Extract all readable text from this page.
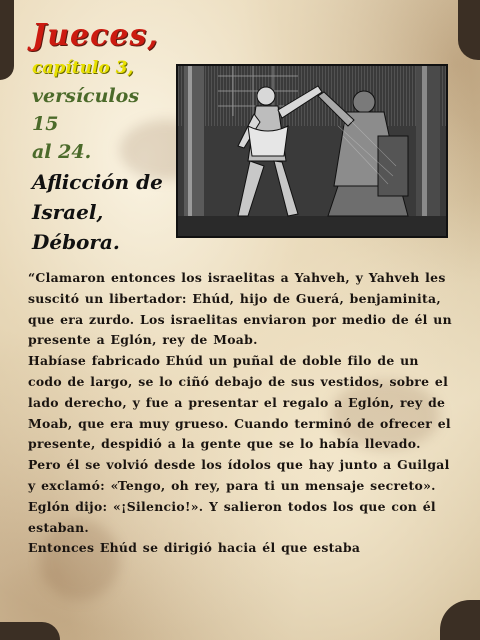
Jueces,
capítulo 3,
versículos 15
al 24.
Aflicción de
Israel,
Débora.

“Clamaron entonces los israelitas a Yahveh, y Yahveh les suscitó un libertador: Ehúd, hijo de Guerá, benjaminita, que era zurdo. Los israelitas enviaron por medio de él un presente a Eglón, rey de Moab.

Habíase fabricado Ehúd un puñal de doble filo de un codo de largo, se lo ciñó debajo de sus vestidos, sobre el lado derecho, y fue a presentar el regalo a Eglón, rey de Moab, que era muy grueso. Cuando terminó de ofrecer el presente, despidió a la gente que se lo había llevado. Pero él se volvió desde los ídolos que hay junto a Guilgal y exclamó: «Tengo, oh rey, para ti un mensaje secreto». Eglón dijo: «¡Silencio!». Y salieron todos los que con él estaban.

Entonces Ehúd se dirigió hacia él que estaba
